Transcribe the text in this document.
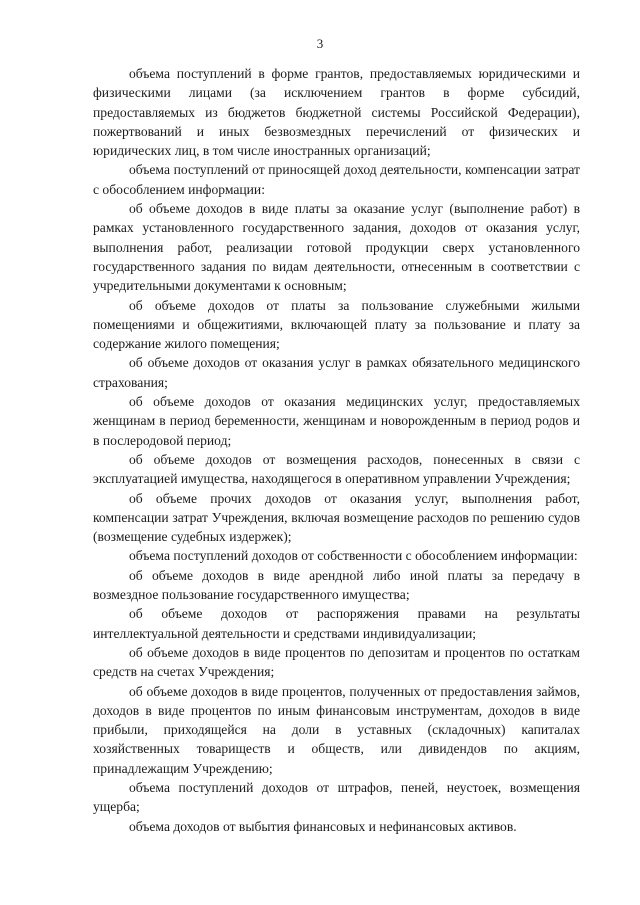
3

объема поступлений в форме грантов, предоставляемых юридическими и физическими лицами (за исключением грантов в форме субсидий, предоставляемых из бюджетов бюджетной системы Российской Федерации), пожертвований и иных безвозмездных перечислений от физических и юридических лиц, в том числе иностранных организаций;

объема поступлений от приносящей доход деятельности, компенсации затрат с обособлением информации:

об объеме доходов в виде платы за оказание услуг (выполнение работ) в рамках установленного государственного задания, доходов от оказания услуг, выполнения работ, реализации готовой продукции сверх установленного государственного задания по видам деятельности, отнесенным в соответствии с учредительными документами к основным;

об объеме доходов от платы за пользование служебными жилыми помещениями и общежитиями, включающей плату за пользование и плату за содержание жилого помещения;

об объеме доходов от оказания услуг в рамках обязательного медицинского страхования;

об объеме доходов от оказания медицинских услуг, предоставляемых женщинам в период беременности, женщинам и новорожденным в период родов и в послеродовой период;

об объеме доходов от возмещения расходов, понесенных в связи с эксплуатацией имущества, находящегося в оперативном управлении Учреждения;

об объеме прочих доходов от оказания услуг, выполнения работ, компенсации затрат Учреждения, включая возмещение расходов по решению судов (возмещение судебных издержек);

объема поступлений доходов от собственности с обособлением информации:

об объеме доходов в виде арендной либо иной платы за передачу в возмездное пользование государственного имущества;

об объеме доходов от распоряжения правами на результаты интеллектуальной деятельности и средствами индивидуализации;

об объеме доходов в виде процентов по депозитам и процентов по остаткам средств на счетах Учреждения;

об объеме доходов в виде процентов, полученных от предоставления займов, доходов в виде процентов по иным финансовым инструментам, доходов в виде прибыли, приходящейся на доли в уставных (складочных) капиталах хозяйственных товариществ и обществ, или дивидендов по акциям, принадлежащим Учреждению;

объема поступлений доходов от штрафов, пеней, неустоек, возмещения ущерба;

объема доходов от выбытия финансовых и нефинансовых активов.
